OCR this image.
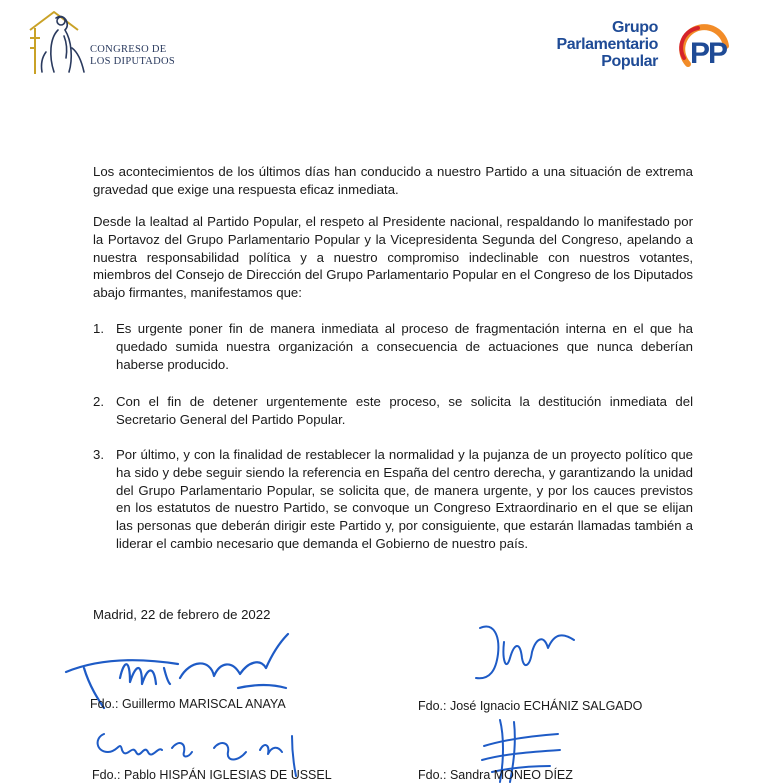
CONGRESO DE
LOS DIPUTADOS
Grupo
Parlamentario
Popular PP

Los acontecimientos de los últimos días han conducido a nuestro Partido a una situación de extrema gravedad que exige una respuesta eficaz inmediata.

Desde la lealtad al Partido Popular, el respeto al Presidente nacional, respaldando lo manifestado por la Portavoz del Grupo Parlamentario Popular y la Vicepresidenta Segunda del Congreso, apelando a nuestra responsabilidad política y a nuestro compromiso indeclinable con nuestros votantes, miembros del Consejo de Dirección del Grupo Parlamentario Popular en el Congreso de los Diputados abajo firmantes, manifestamos que:

1. Es urgente poner fin de manera inmediata al proceso de fragmentación interna en el que ha quedado sumida nuestra organización a consecuencia de actuaciones que nunca deberían haberse producido.

2. Con el fin de detener urgentemente este proceso, se solicita la destitución inmediata del Secretario General del Partido Popular.

3. Por último, y con la finalidad de restablecer la normalidad y la pujanza de un proyecto político que ha sido y debe seguir siendo la referencia en España del centro derecha, y garantizando la unidad del Grupo Parlamentario Popular, se solicita que, de manera urgente, y por los cauces previstos en los estatutos de nuestro Partido, se convoque un Congreso Extraordinario en el que se elijan las personas que deberán dirigir este Partido y, por consiguiente, que estarán llamadas también a liderar el cambio necesario que demanda el Gobierno de nuestro país.

Madrid, 22 de febrero de 2022
Fdo.: Guillermo MARISCAL ANAYA	Fdo.: José Ignacio ECHÁNIZ SALGADO
Fdo.: Pablo HISPÁN IGLESIAS DE USSEL	Fdo.: Sandra MONEO DÍEZ
